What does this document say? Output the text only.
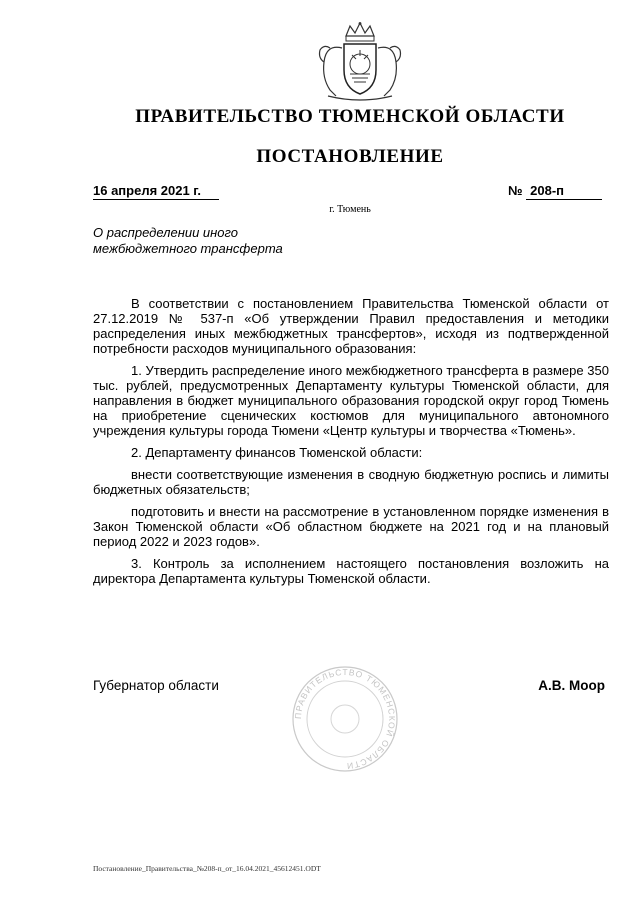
ПРАВИТЕЛЬСТВО ТЮМЕНСКОЙ ОБЛАСТИ
ПОСТАНОВЛЕНИЕ
16 апреля 2021 г.	№ 208-п
г. Тюмень
О распределении иного
межбюджетного трансферта

В соответствии с постановлением Правительства Тюменской области от 27.12.2019 № 537-п «Об утверждении Правил предоставления и методики распределения иных межбюджетных трансфертов», исходя из подтвержденной потребности расходов муниципального образования:

1. Утвердить распределение иного межбюджетного трансферта в размере 350 тыс. рублей, предусмотренных Департаменту культуры Тюменской области, для направления в бюджет муниципального образования городской округ город Тюмень на приобретение сценических костюмов для муниципального автономного учреждения культуры города Тюмени «Центр культуры и творчества «Тюмень».

2. Департаменту финансов Тюменской области:

внести соответствующие изменения в сводную бюджетную роспись и лимиты бюджетных обязательств;

подготовить и внести на рассмотрение в установленном порядке изменения в Закон Тюменской области «Об областном бюджете на 2021 год и на плановый период 2022 и 2023 годов».

3. Контроль за исполнением настоящего постановления возложить на директора Департамента культуры Тюменской области.

ПРАВИТЕЛЬСТВО ТЮМЕНСКОЙ ОБЛАСТИ
Губернатор области	А.В. Моор
Постановление_Правительства_№208-п_от_16.04.2021_45612451.ODT
